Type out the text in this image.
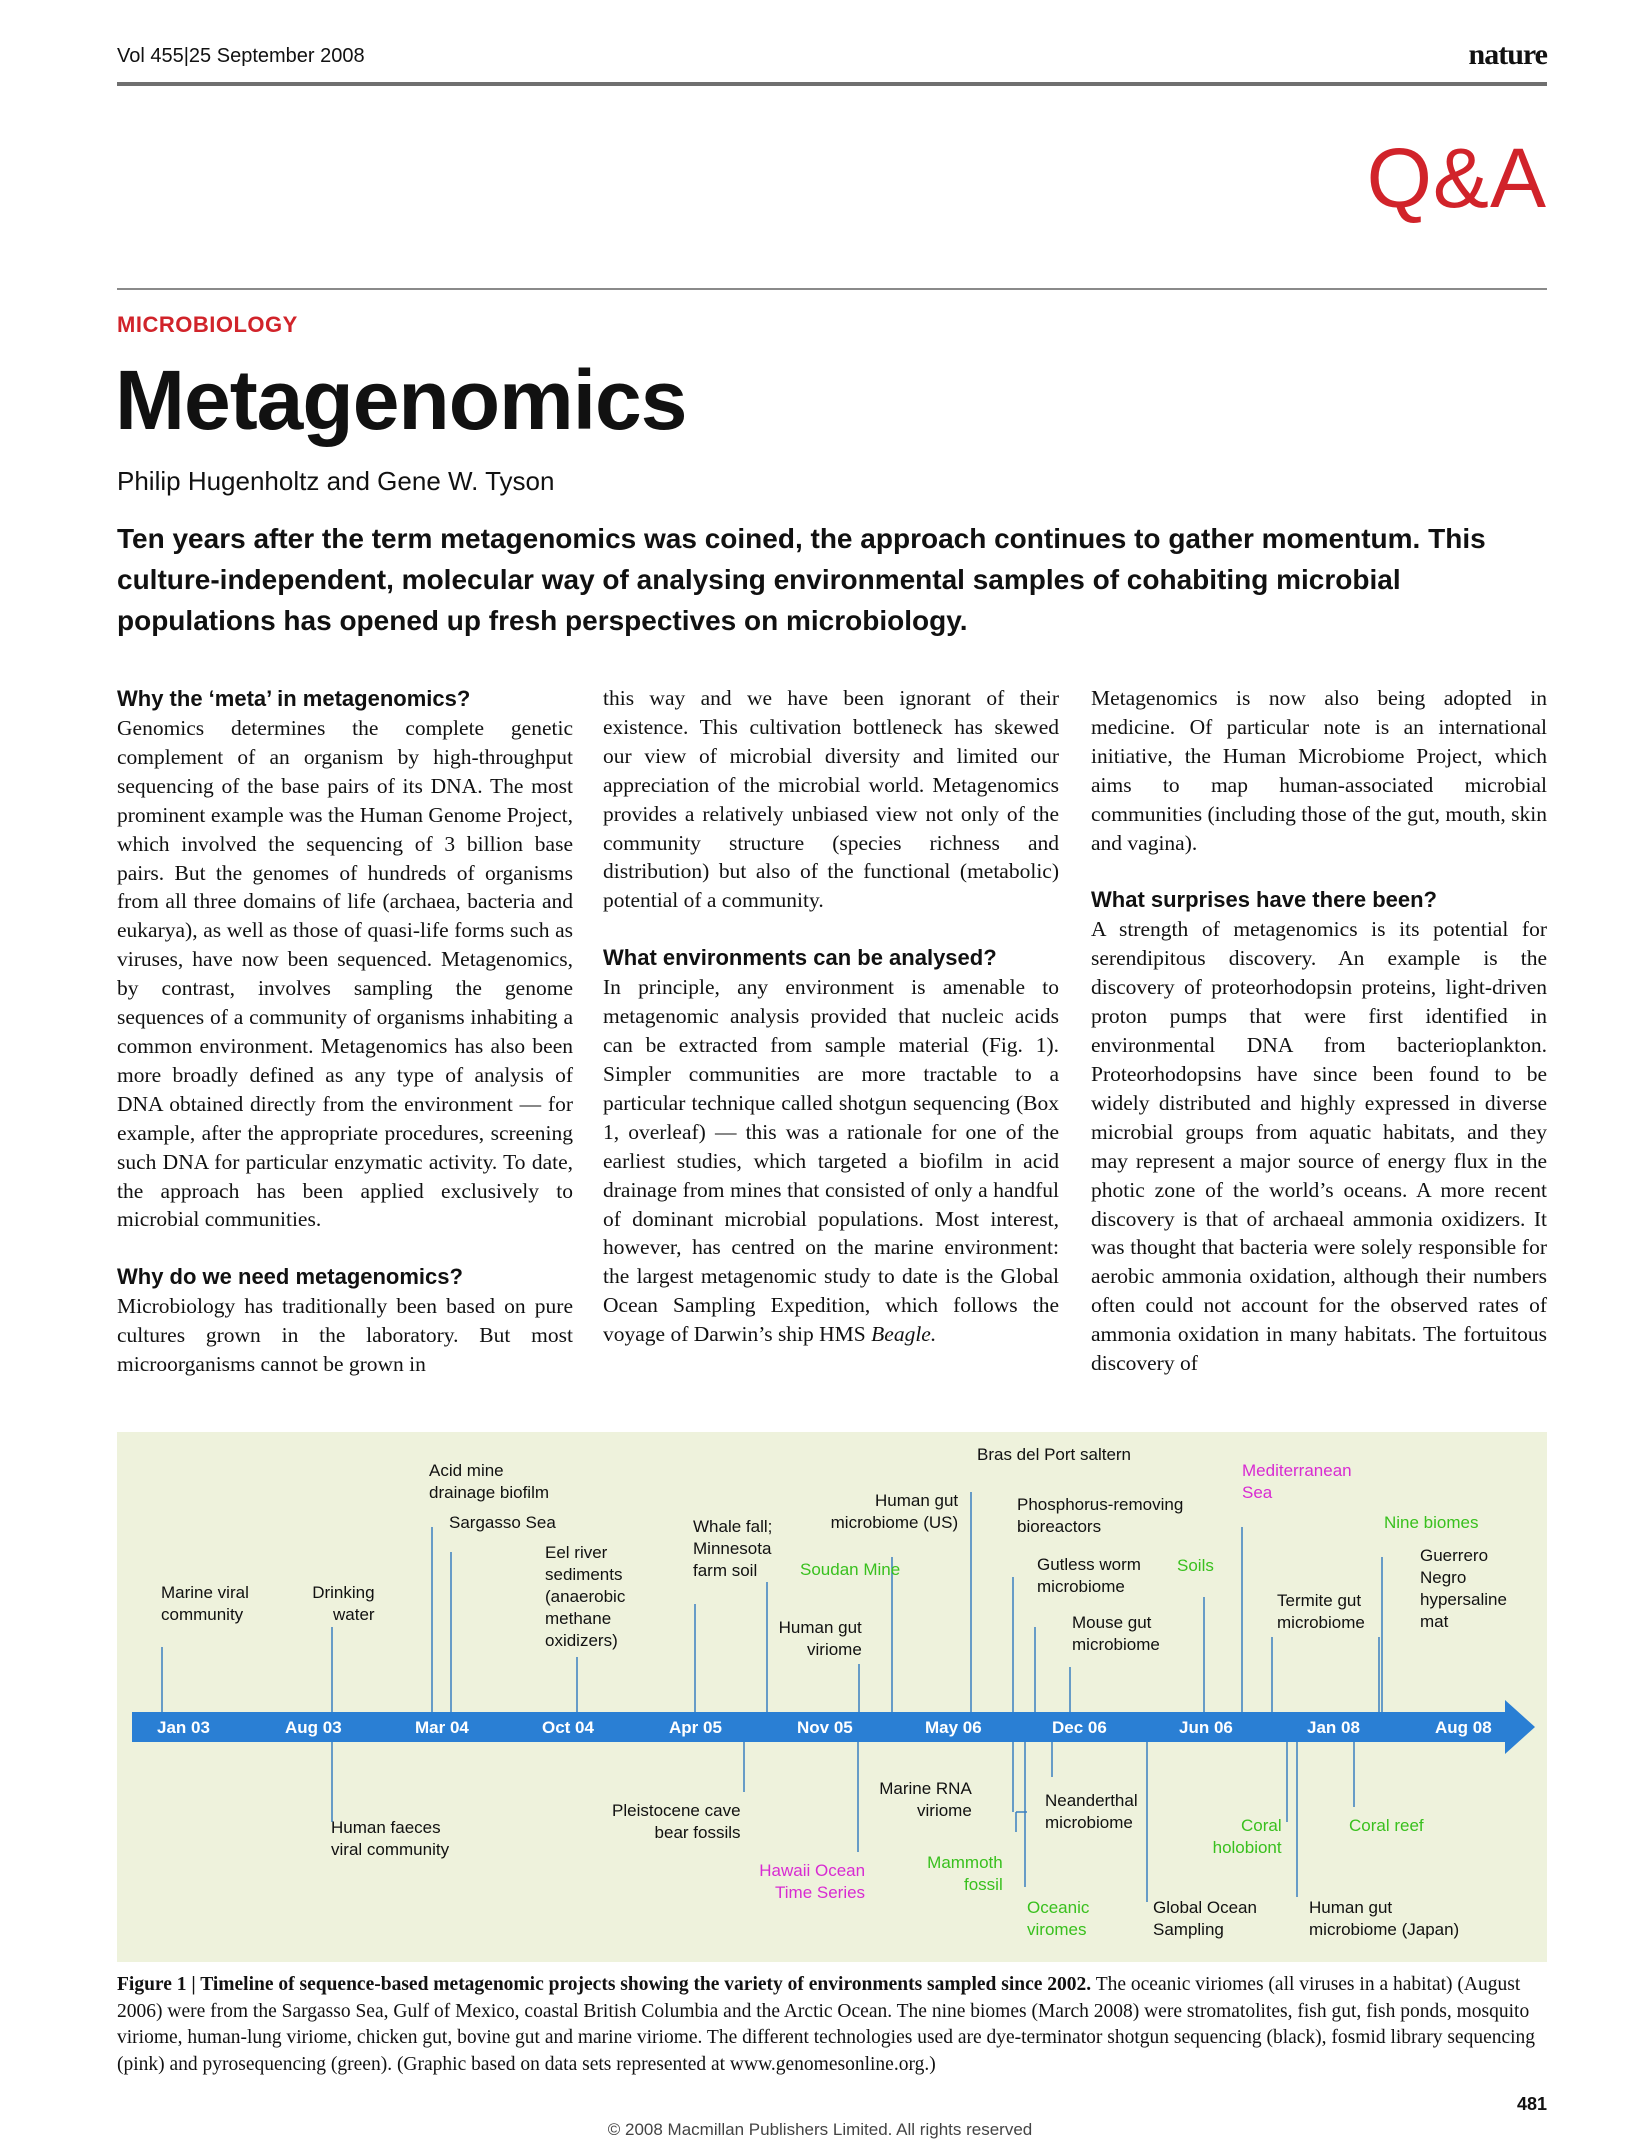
Vol 455|25 September 2008	nature
Q&A
MICROBIOLOGY
Metagenomics
Philip Hugenholtz and Gene W. Tyson
Ten years after the term metagenomics was coined, the approach continues to gather momentum. This culture-independent, molecular way of analysing environmental samples of cohabiting microbial populations has opened up fresh perspectives on microbiology.
Why the ‘meta’ in metagenomics?

Genomics determines the complete genetic complement of an organism by high-throughput sequencing of the base pairs of its DNA. The most prominent example was the Human Genome Project, which involved the sequencing of 3 billion base pairs. But the genomes of hundreds of organisms from all three domains of life (archaea, bacteria and eukarya), as well as those of quasi-life forms such as viruses, have now been sequenced. Metagenomics, by contrast, involves sampling the genome sequences of a community of organisms inhabiting a common environment. Metagenomics has also been more broadly defined as any type of analysis of DNA obtained directly from the environment — for example, after the appropriate procedures, screening such DNA for particular enzymatic activity. To date, the approach has been applied exclusively to microbial communities.

Why do we need metagenomics?

Microbiology has traditionally been based on pure cultures grown in the laboratory. But most microorganisms cannot be grown in

this way and we have been ignorant of their existence. This cultivation bottleneck has skewed our view of microbial diversity and limited our appreciation of the microbial world. Metagenomics provides a relatively unbiased view not only of the community structure (species richness and distribution) but also of the functional (metabolic) potential of a community.

What environments can be analysed?

In principle, any environment is amenable to metagenomic analysis provided that nucleic acids can be extracted from sample material (Fig. 1). Simpler communities are more tractable to a particular technique called shotgun sequencing (Box 1, overleaf) — this was a rationale for one of the earliest studies, which targeted a biofilm in acid drainage from mines that consisted of only a handful of dominant microbial populations. Most interest, however, has centred on the marine environment: the largest metagenomic study to date is the Global Ocean Sampling Expedition, which follows the voyage of Darwin’s ship HMS Beagle.

Metagenomics is now also being adopted in medicine. Of particular note is an international initiative, the Human Microbiome Project, which aims to map human-associated microbial communities (including those of the gut, mouth, skin and vagina).

What surprises have there been?

A strength of metagenomics is its potential for serendipitous discovery. An example is the discovery of proteorhodopsin proteins, light-driven proton pumps that were first identified in environmental DNA from bacterioplankton. Proteorhodopsins have since been found to be widely distributed and highly expressed in diverse microbial groups from aquatic habitats, and they may represent a major source of energy flux in the photic zone of the world’s oceans. A more recent discovery is that of archaeal ammonia oxidizers. It was thought that bacteria were solely responsible for aerobic ammonia oxidation, although their numbers often could not account for the observed rates of ammonia oxidation in many habitats. The fortuitous discovery of

Jan 03	Aug 03	Mar 04	Oct 04	Apr 05	Nov 05	May 06	Dec 06	Jun 06	Jan 08	Aug 08
Marine viral
community
Drinking
water
Acid mine
drainage biofilm
Sargasso Sea
Eel river
sediments
(anaerobic
methane
oxidizers)
Whale fall;
Minnesota
farm soil	Soudan Mine
Human gut
viriome
Human gut
microbiome (US)
Bras del Port saltern
Phosphorus-removing
bioreactors
Gutless worm
microbiome
Mouse gut
microbiome
Soils
Mediterranean
Sea
Termite gut
microbiome
Nine biomes
Guerrero
Negro
hypersaline
mat
Human faeces
viral community
Pleistocene cave
bear fossils
Hawaii Ocean
Time Series
Marine RNA
viriome
Mammoth
fossil
Oceanic
viromes
Neanderthal
microbiome
Global Ocean
Sampling
Coral
holobiont
Human gut
microbiome (Japan)
Coral reef
Figure 1 | Timeline of sequence-based metagenomic projects showing the variety of environments sampled since 2002. The oceanic viriomes (all viruses in a habitat) (August 2006) were from the Sargasso Sea, Gulf of Mexico, coastal British Columbia and the Arctic Ocean. The nine biomes (March 2008) were stromatolites, fish gut, fish ponds, mosquito viriome, human-lung viriome, chicken gut, bovine gut and marine viriome. The different technologies used are dye-terminator shotgun sequencing (black), fosmid library sequencing (pink) and pyrosequencing (green). (Graphic based on data sets represented at www.genomesonline.org.)
481
© 2008 Macmillan Publishers Limited. All rights reserved
